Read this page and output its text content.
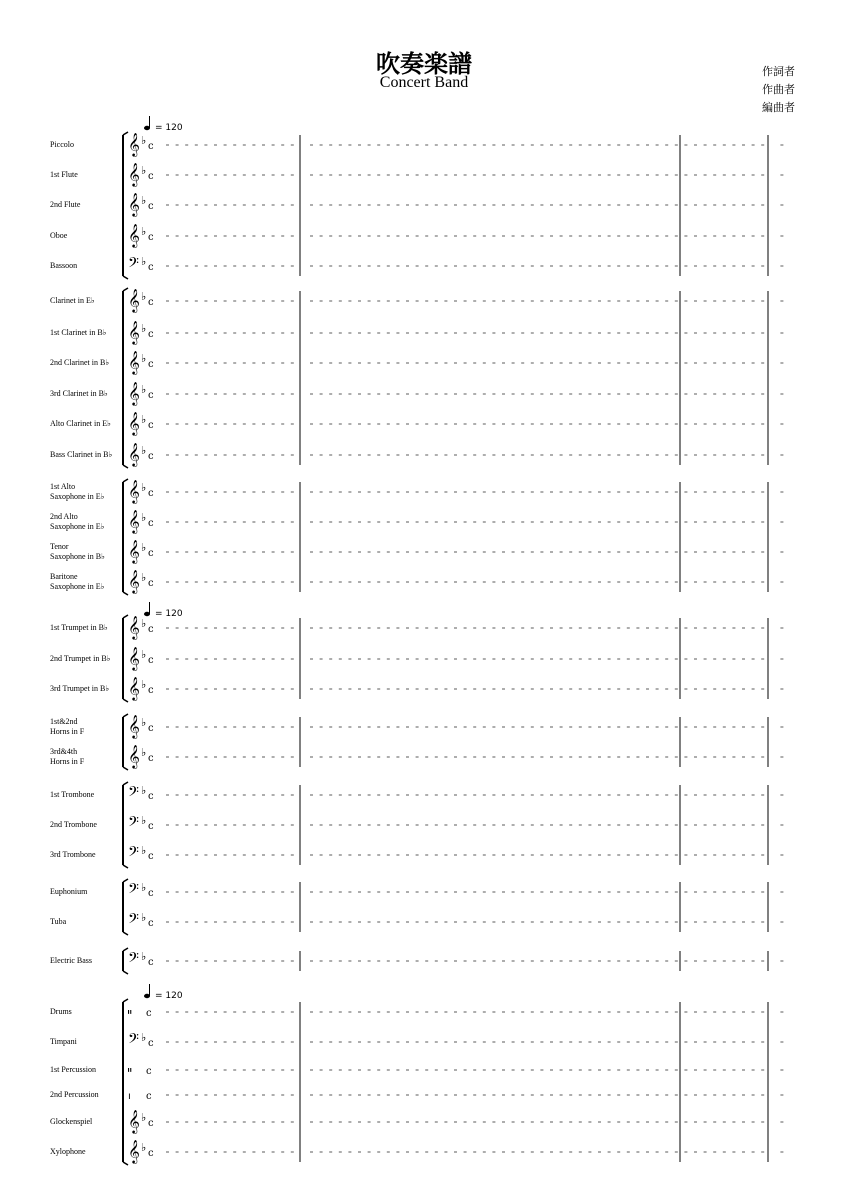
吹奏楽譜
Concert Band
作詞者
作曲者
編曲者
Piccolo
1st Flute
2nd Flute
Oboe
Bassoon
Clarinet in E♭
1st Clarinet in B♭
2nd Clarinet in B♭
3rd Clarinet in B♭
Alto Clarinet in E♭
Bass Clarinet in B♭
1st Alto Saxophone in E♭
2nd Alto Saxophone in E♭
Tenor Saxophone in B♭
Baritone Saxophone in E♭
1st Trumpet in B♭
2nd Trumpet in B♭
3rd Trumpet in B♭
1st&2nd Horns in F
3rd&4th Horns in F
1st Trombone
2nd Trombone
3rd Trombone
Euphonium
Tuba
Electric Bass
Drums
Timpani
1st Percussion
2nd Percussion
Glockenspiel
Xylophone
𝄞 ♭ c
𝄞 ♭ c
𝄞 ♭ c
𝄞 ♭ c
𝄢 ♭ c
𝄞 ♭ c
𝄞 ♭ c
𝄞 ♭ c
𝄞 ♭ c
𝄞 ♭ c
𝄞 ♭ c
𝄞 ♭ c
𝄞 ♭ c
𝄞 ♭ c
𝄞 ♭ c
𝄞 ♭ c
𝄞 ♭ c
𝄞 ♭ c
𝄞 ♭ c
𝄞 ♭ c
𝄢 ♭ c
𝄢 ♭ c
𝄢 ♭ c
𝄢 ♭ c
𝄢 ♭ c
𝄢 ♭ c
𝄥 c
𝄢 ♭ c
𝄥 c
ı c
𝄞 ♭ c
𝄞 ♭ c
= 120
= 120
= 120
